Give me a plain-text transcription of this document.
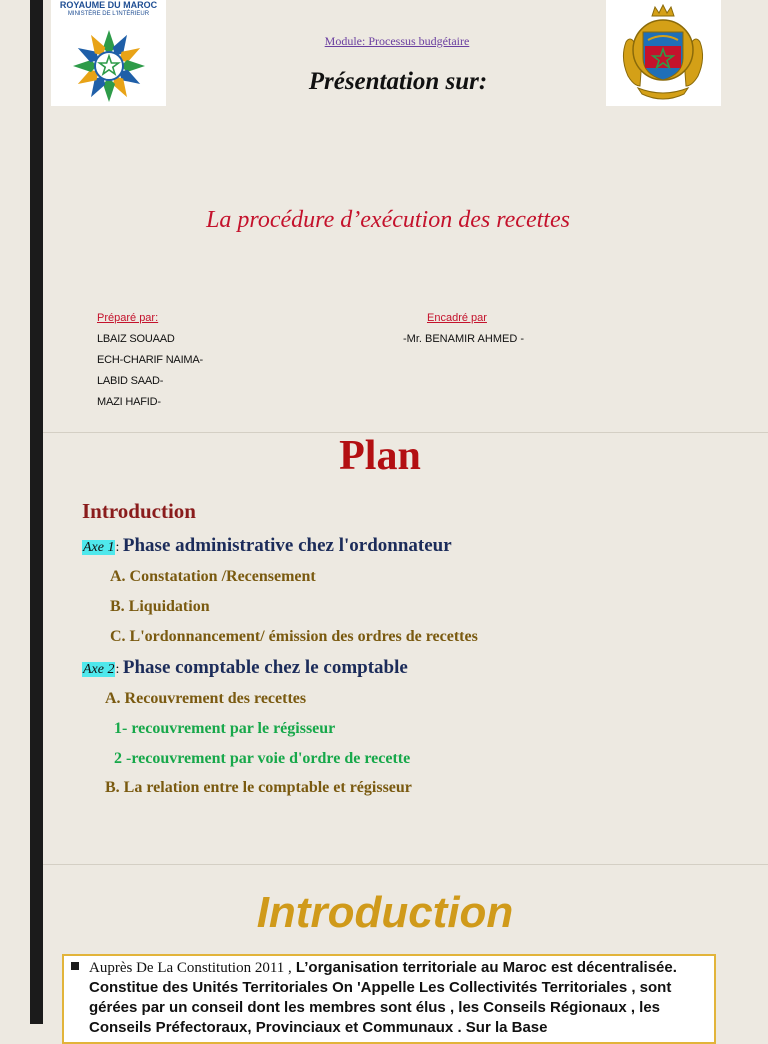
ROYAUME DU MAROC
MINISTÈRE DE L'INTÉRIEUR
Module: Processus budgétaire
Présentation sur:
La procédure d’exécution des recettes
Préparé par:
LBAIZ SOUAAD
ECH-CHARIF NAIMA-
LABID SAAD-
MAZI HAFID-
Encadré par
-Mr. BENAMIR AHMED -
Plan
Introduction
Axe 1: Phase administrative chez l'ordonnateur
A. Constatation /Recensement
B. Liquidation
C. L'ordonnancement/ émission des ordres de recettes
Axe 2: Phase comptable chez le comptable
A. Recouvrement des recettes
1- recouvrement par le régisseur
2 -recouvrement par voie d'ordre de recette
B. La relation entre le comptable et régisseur
Introduction
Auprès De La Constitution 2011 , L’organisation territoriale au Maroc est décentralisée. Constitue des Unités Territoriales On 'Appelle Les Collectivités Territoriales , sont gérées par un conseil dont les membres sont élus , les Conseils Régionaux , les Conseils Préfectoraux, Provinciaux et Communaux . Sur la Base
